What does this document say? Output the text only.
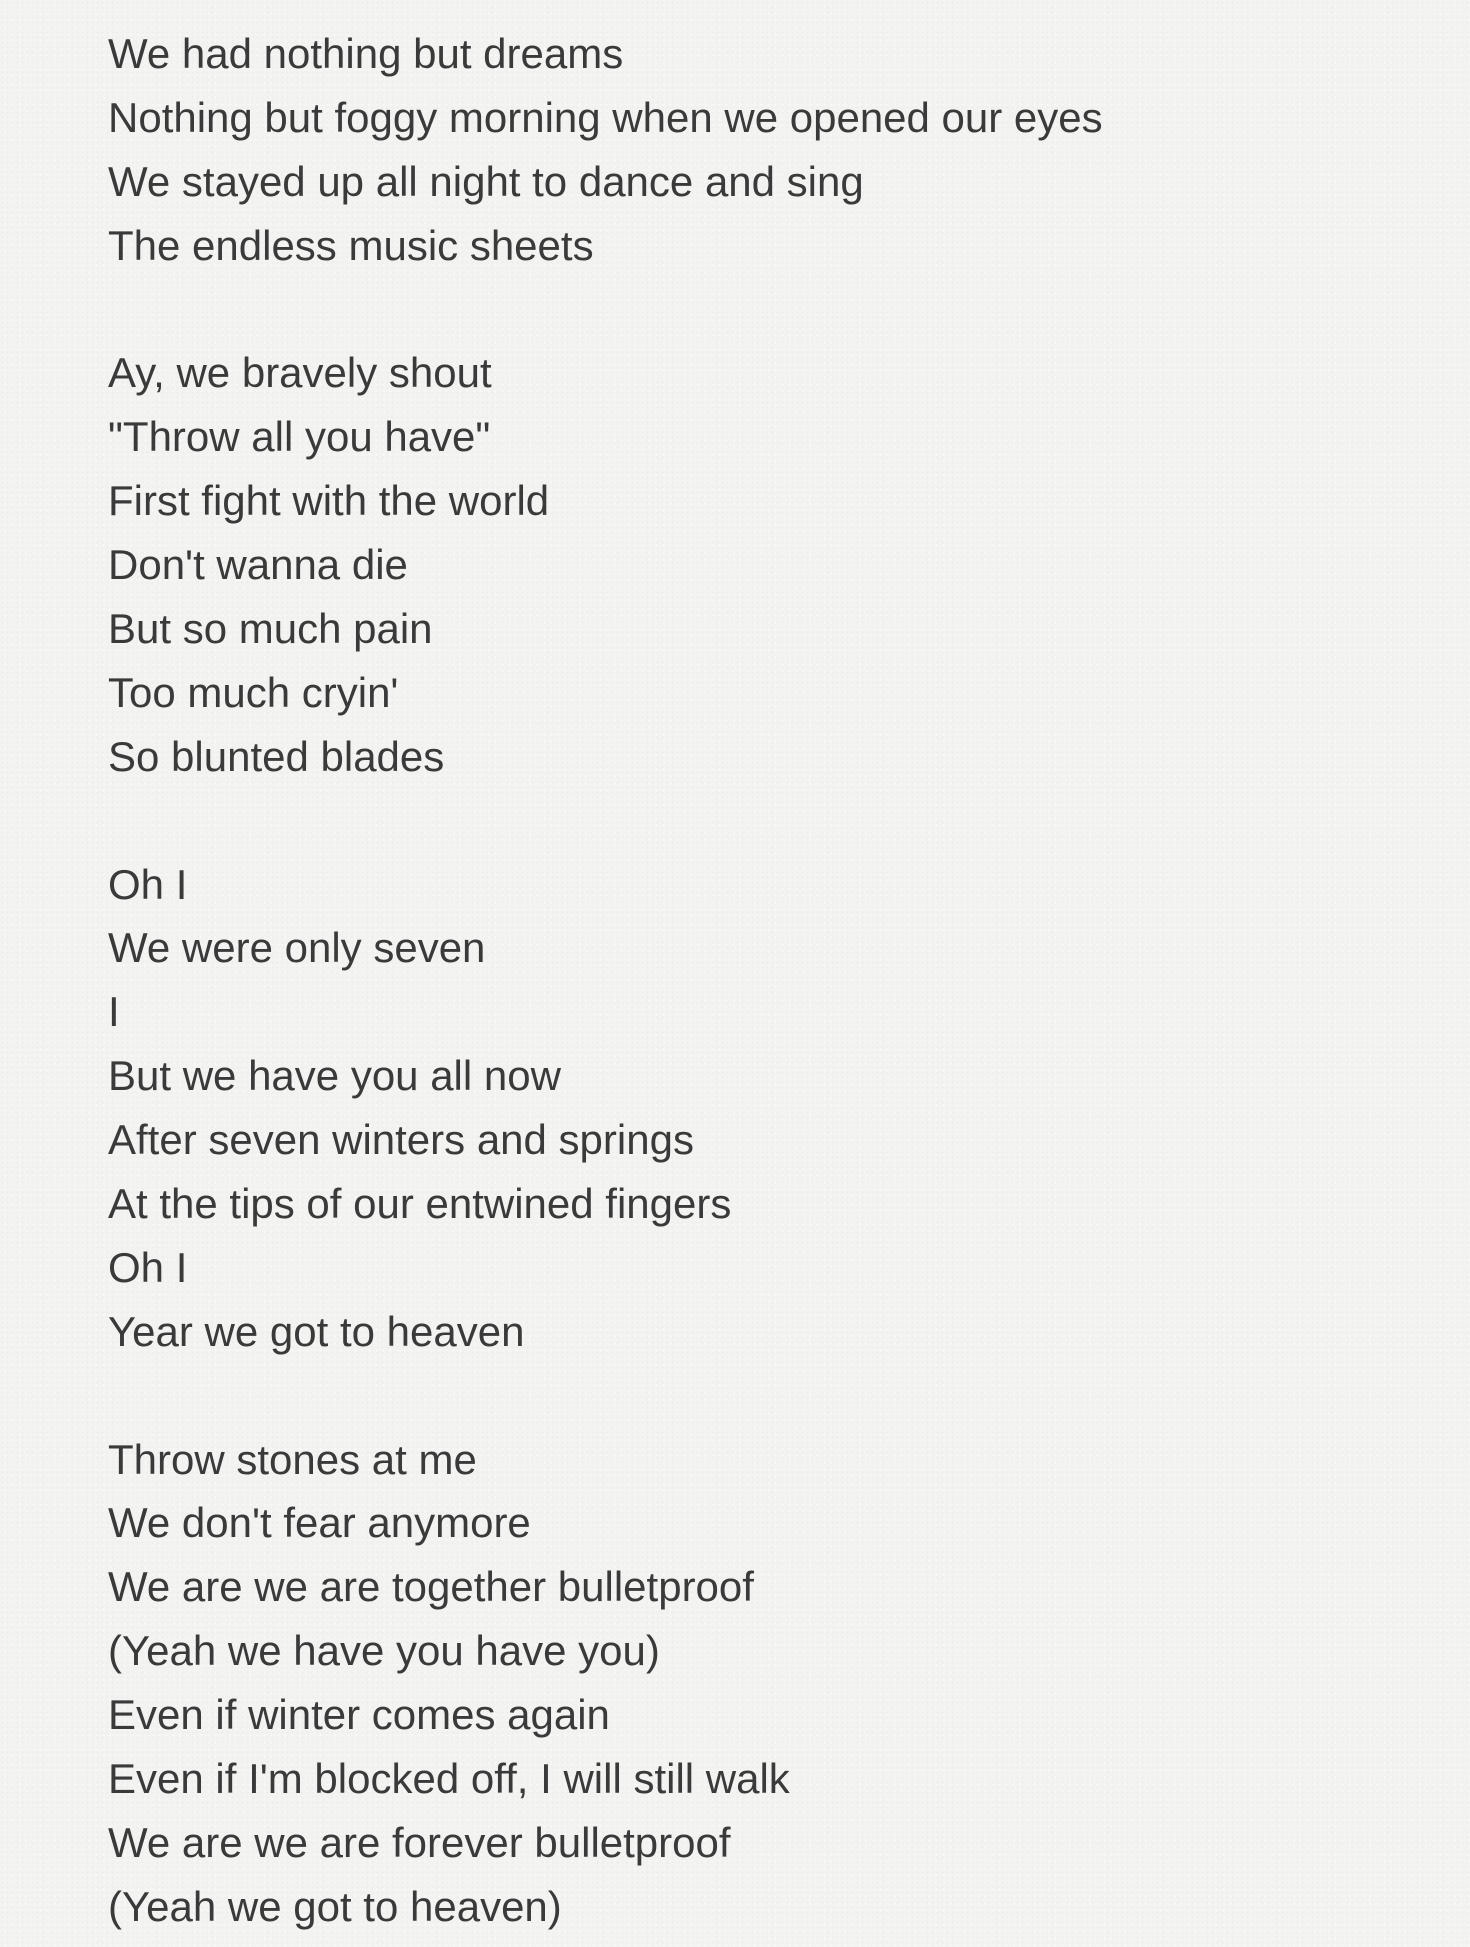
We had nothing but dreams
Nothing but foggy morning when we opened our eyes
We stayed up all night to dance and sing
The endless music sheets
Ay, we bravely shout
"Throw all you have"
First fight with the world
Don't wanna die
But so much pain
Too much cryin'
So blunted blades
Oh I
We were only seven
I
But we have you all now
After seven winters and springs
At the tips of our entwined fingers
Oh I
Year we got to heaven
Throw stones at me
We don't fear anymore
We are we are together bulletproof
(Yeah we have you have you)
Even if winter comes again
Even if I'm blocked off, I will still walk
We are we are forever bulletproof
(Yeah we got to heaven)
